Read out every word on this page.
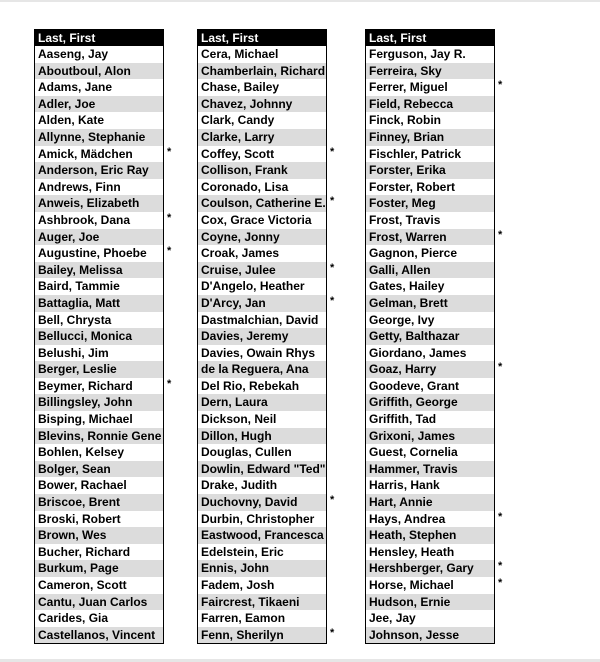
Last, First
Aaseng, Jay
Aboutboul, Alon
Adams, Jane
Adler, Joe
Alden, Kate
Allynne, Stephanie
Amick, Mädchen	*
Anderson, Eric Ray
Andrews, Finn
Anweis, Elizabeth
Ashbrook, Dana	*
Auger, Joe
Augustine, Phoebe *
Bailey, Melissa
Baird, Tammie
Battaglia, Matt
Bell, Chrysta
Bellucci, Monica
Belushi, Jim
Berger, Leslie
Beymer, Richard	*
Billingsley, John
Bisping, Michael
Blevins, Ronnie Gene
Bohlen, Kelsey
Bolger, Sean
Bower, Rachael
Briscoe, Brent
Broski, Robert
Brown, Wes
Bucher, Richard
Burkum, Page
Cameron, Scott
Cantu, Juan Carlos
Carides, Gia
Castellanos, Vincent
Last, First
Cera, Michael
Chamberlain, Richard
Chase, Bailey
Chavez, Johnny
Clark, Candy
Clarke, Larry
Coffey, Scott	*
Collison, Frank
Coronado, Lisa
Coulson, Catherine E. *
Cox, Grace Victoria
Coyne, Jonny
Croak, James
Cruise, Julee	*
D'Angelo, Heather
D'Arcy, Jan	*
Dastmalchian, David
Davies, Jeremy
Davies, Owain Rhys
de la Reguera, Ana
Del Rio, Rebekah
Dern, Laura
Dickson, Neil
Dillon, Hugh
Douglas, Cullen
Dowlin, Edward "Ted"
Drake, Judith
Duchovny, David	*
Durbin, Christopher
Eastwood, Francesca
Edelstein, Eric
Ennis, John
Fadem, Josh
Faircrest, Tikaeni
Farren, Eamon
Fenn, Sherilyn	*
Last, First
Ferguson, Jay R.
Ferreira, Sky
Ferrer, Miguel	*
Field, Rebecca
Finck, Robin
Finney, Brian
Fischler, Patrick
Forster, Erika
Forster, Robert
Foster, Meg
Frost, Travis
Frost, Warren	*
Gagnon, Pierce
Galli, Allen
Gates, Hailey
Gelman, Brett
George, Ivy
Getty, Balthazar
Giordano, James
Goaz, Harry	*
Goodeve, Grant
Griffith, George
Griffith, Tad
Grixoni, James
Guest, Cornelia
Hammer, Travis
Harris, Hank
Hart, Annie
Hays, Andrea	*
Heath, Stephen
Hensley, Heath
Hershberger, Gary *
Horse, Michael	*
Hudson, Ernie
Jee, Jay
Johnson, Jesse
